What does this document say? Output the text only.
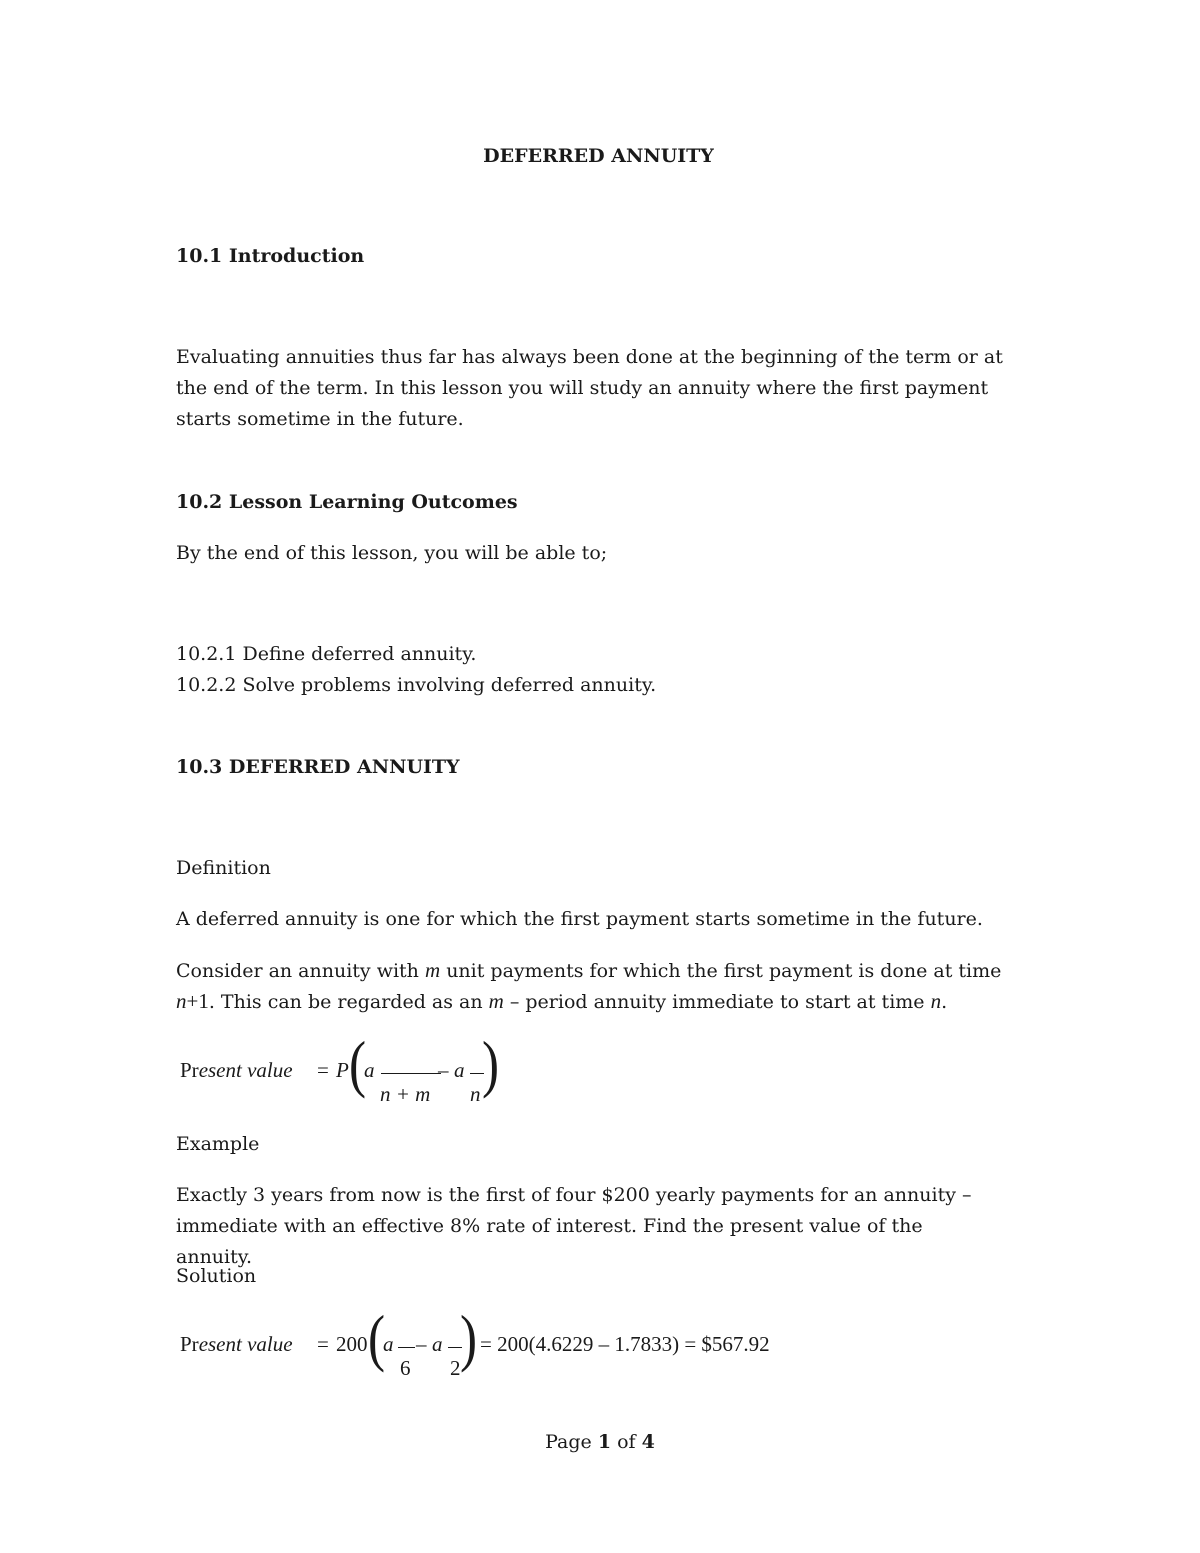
DEFERRED ANNUITY

10.1 Introduction

Evaluating annuities thus far has always been done at the beginning of the term or at the end of the term. In this lesson you will study an annuity where the first payment starts sometime in the future.

10.2 Lesson Learning Outcomes

By the end of this lesson, you will be able to;

10.2.1 Define deferred annuity.

10.2.2 Solve problems involving deferred annuity.

10.3 DEFERRED ANNUITY

Definition

A deferred annuity is one for which the first payment starts sometime in the future.

Consider an annuity with m unit payments for which the first payment is done at time

n+1. This can be regarded as an m – period annuity immediate to start at time n.

Present value = P (
a	– a )
n + m n

Example

Exactly 3 years from now is the first of four $200 yearly payments for an annuity – immediate with an effective 8% rate of interest. Find the present value of the annuity.

Solution

Present value = 200 (
a – a )
6 2
= 200(4.6229 – 1.7833) = $567.92

Page 1 of 4
